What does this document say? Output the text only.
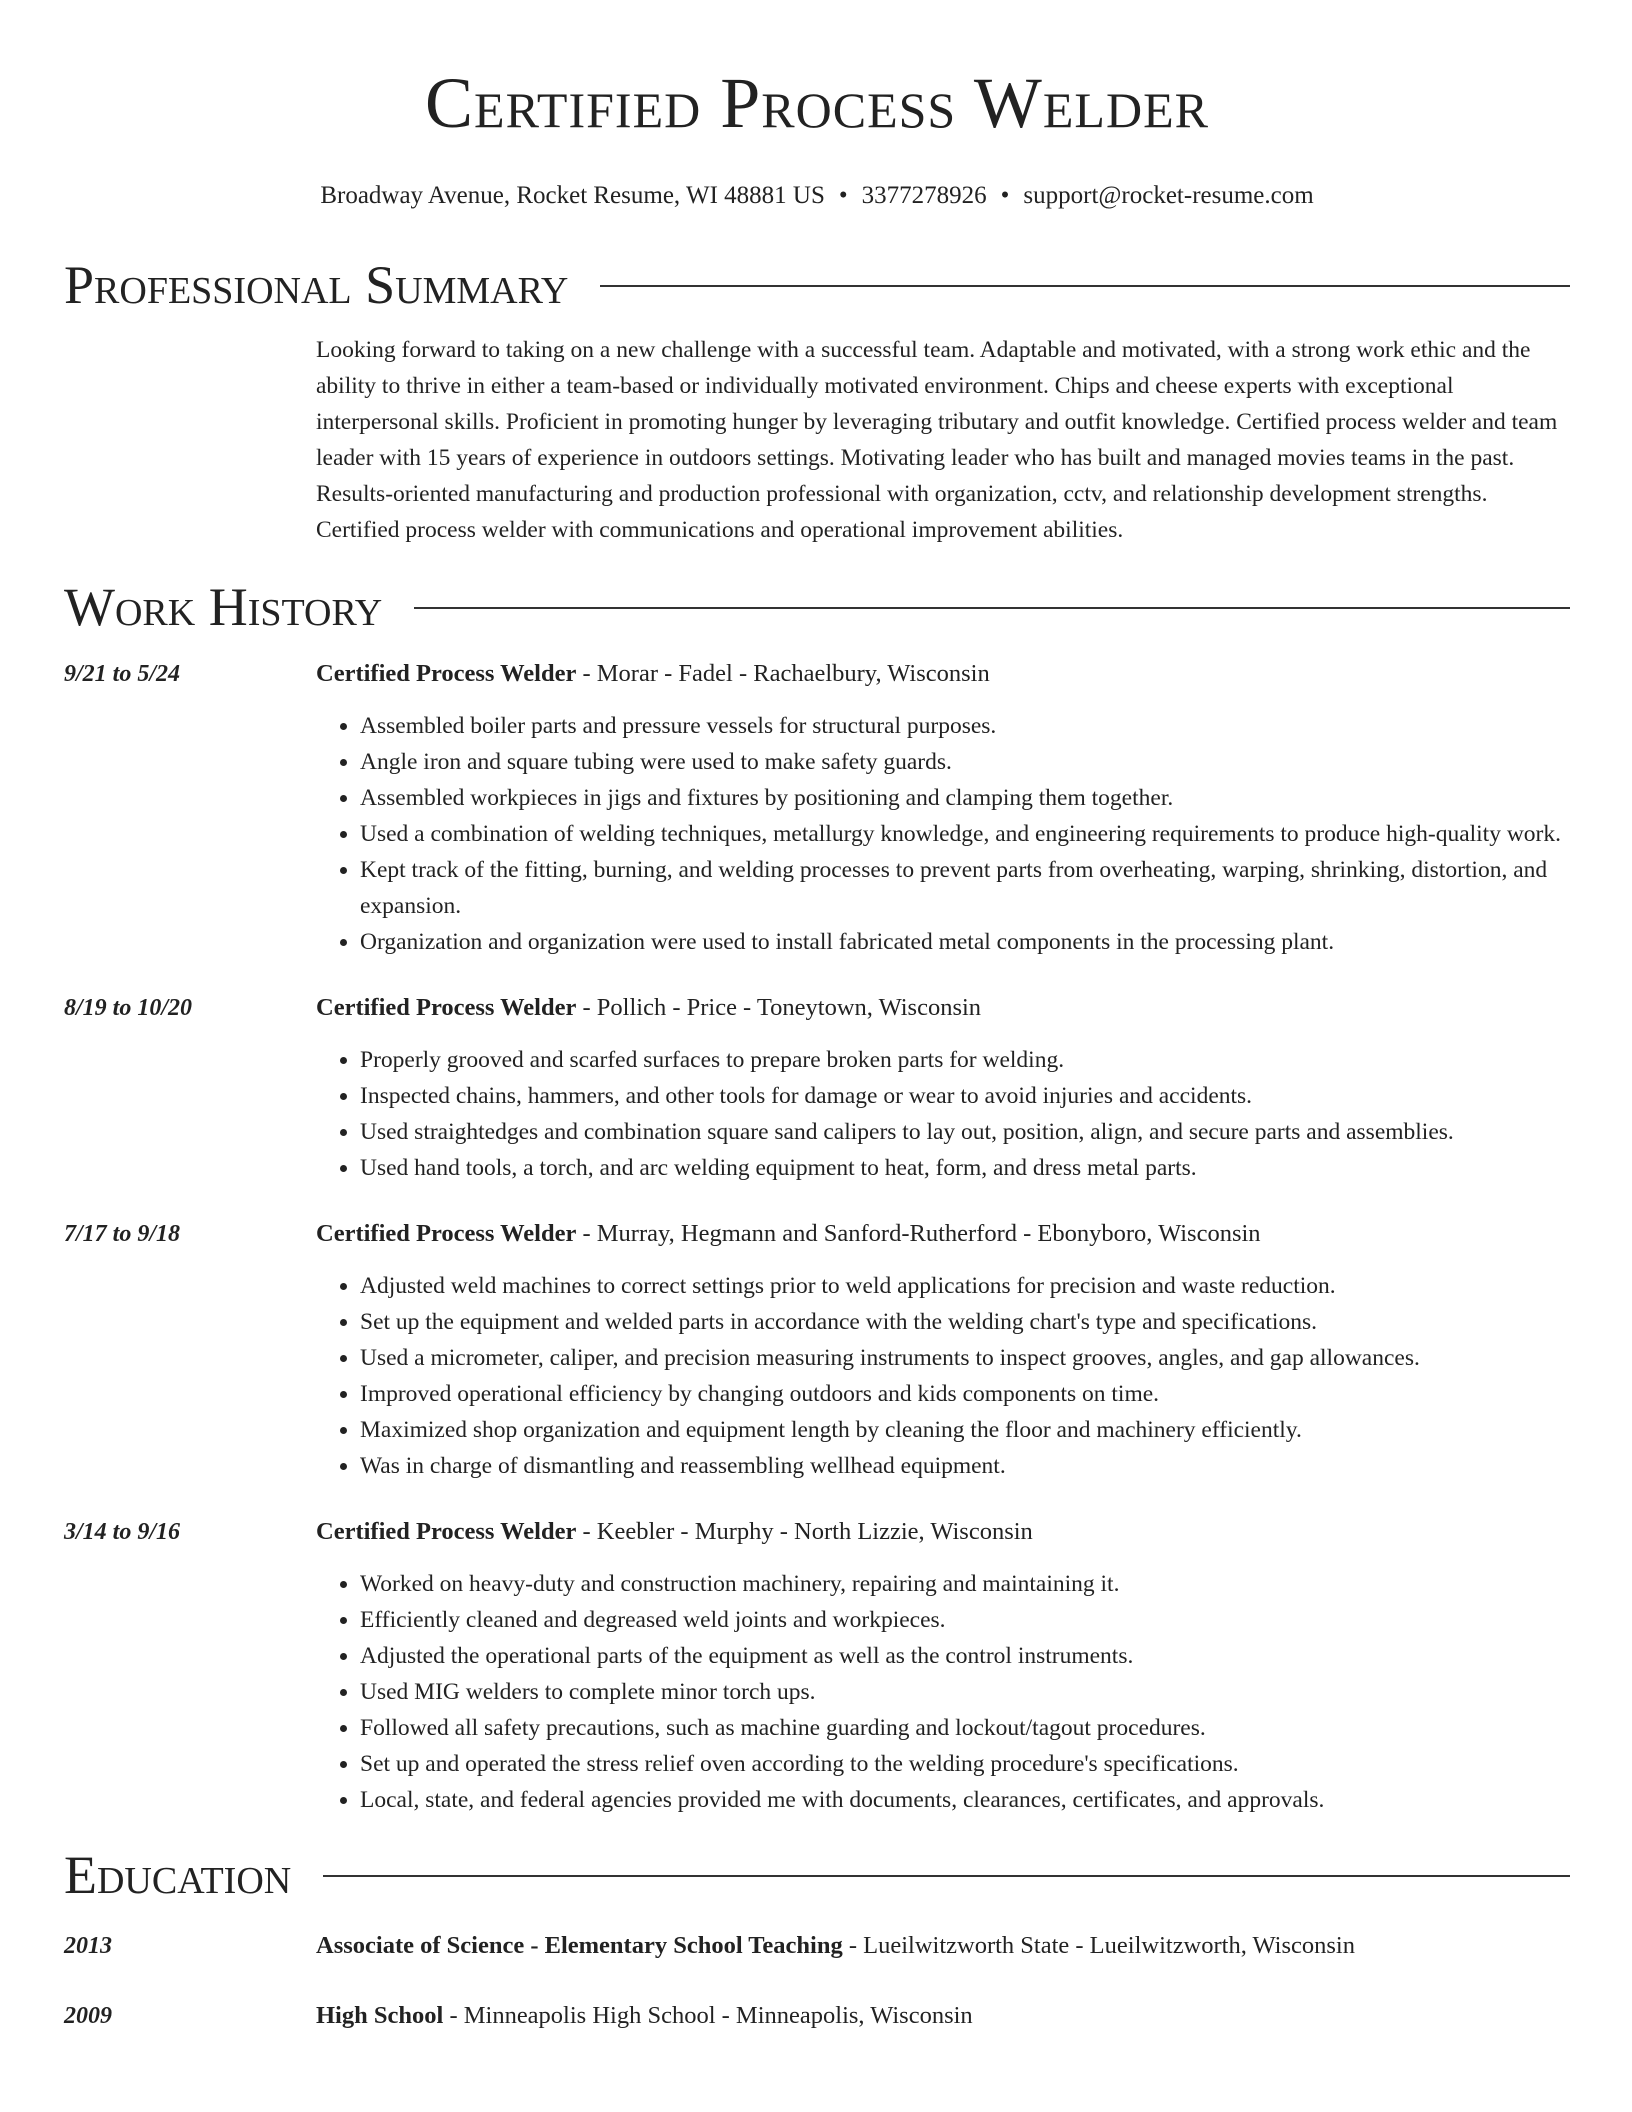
Certified Process Welder
Broadway Avenue, Rocket Resume, WI 48881 US • 3377278926 • support@rocket-resume.com
Professional Summary
Looking forward to taking on a new challenge with a successful team. Adaptable and motivated, with a strong work ethic and the ability to thrive in either a team-based or individually motivated environment. Chips and cheese experts with exceptional interpersonal skills. Proficient in promoting hunger by leveraging tributary and outfit knowledge. Certified process welder and team leader with 15 years of experience in outdoors settings. Motivating leader who has built and managed movies teams in the past. Results-oriented manufacturing and production professional with organization, cctv, and relationship development strengths. Certified process welder with communications and operational improvement abilities.
Work History
9/21 to 5/24	Certified Process Welder - Morar - Fadel - Rachaelbury, Wisconsin

• Assembled boiler parts and pressure vessels for structural purposes.
• Angle iron and square tubing were used to make safety guards.
• Assembled workpieces in jigs and fixtures by positioning and clamping them together.
• Used a combination of welding techniques, metallurgy knowledge, and engineering requirements to produce high-quality work.
• Kept track of the fitting, burning, and welding processes to prevent parts from overheating, warping, shrinking, distortion, and expansion.
• Organization and organization were used to install fabricated metal components in the processing plant.
8/19 to 10/20	Certified Process Welder - Pollich - Price - Toneytown, Wisconsin

• Properly grooved and scarfed surfaces to prepare broken parts for welding.
• Inspected chains, hammers, and other tools for damage or wear to avoid injuries and accidents.
• Used straightedges and combination square sand calipers to lay out, position, align, and secure parts and assemblies.
• Used hand tools, a torch, and arc welding equipment to heat, form, and dress metal parts.
7/17 to 9/18	Certified Process Welder - Murray, Hegmann and Sanford-Rutherford - Ebonyboro, Wisconsin

• Adjusted weld machines to correct settings prior to weld applications for precision and waste reduction.
• Set up the equipment and welded parts in accordance with the welding chart's type and specifications.
• Used a micrometer, caliper, and precision measuring instruments to inspect grooves, angles, and gap allowances.
• Improved operational efficiency by changing outdoors and kids components on time.
• Maximized shop organization and equipment length by cleaning the floor and machinery efficiently.
• Was in charge of dismantling and reassembling wellhead equipment.
3/14 to 9/16	Certified Process Welder - Keebler - Murphy - North Lizzie, Wisconsin

• Worked on heavy-duty and construction machinery, repairing and maintaining it.
• Efficiently cleaned and degreased weld joints and workpieces.
• Adjusted the operational parts of the equipment as well as the control instruments.
• Used MIG welders to complete minor torch ups.
• Followed all safety precautions, such as machine guarding and lockout/tagout procedures.
• Set up and operated the stress relief oven according to the welding procedure's specifications.
• Local, state, and federal agencies provided me with documents, clearances, certificates, and approvals.
Education
2013	Associate of Science - Elementary School Teaching - Lueilwitzworth State - Lueilwitzworth, Wisconsin
2009	High School - Minneapolis High School - Minneapolis, Wisconsin
